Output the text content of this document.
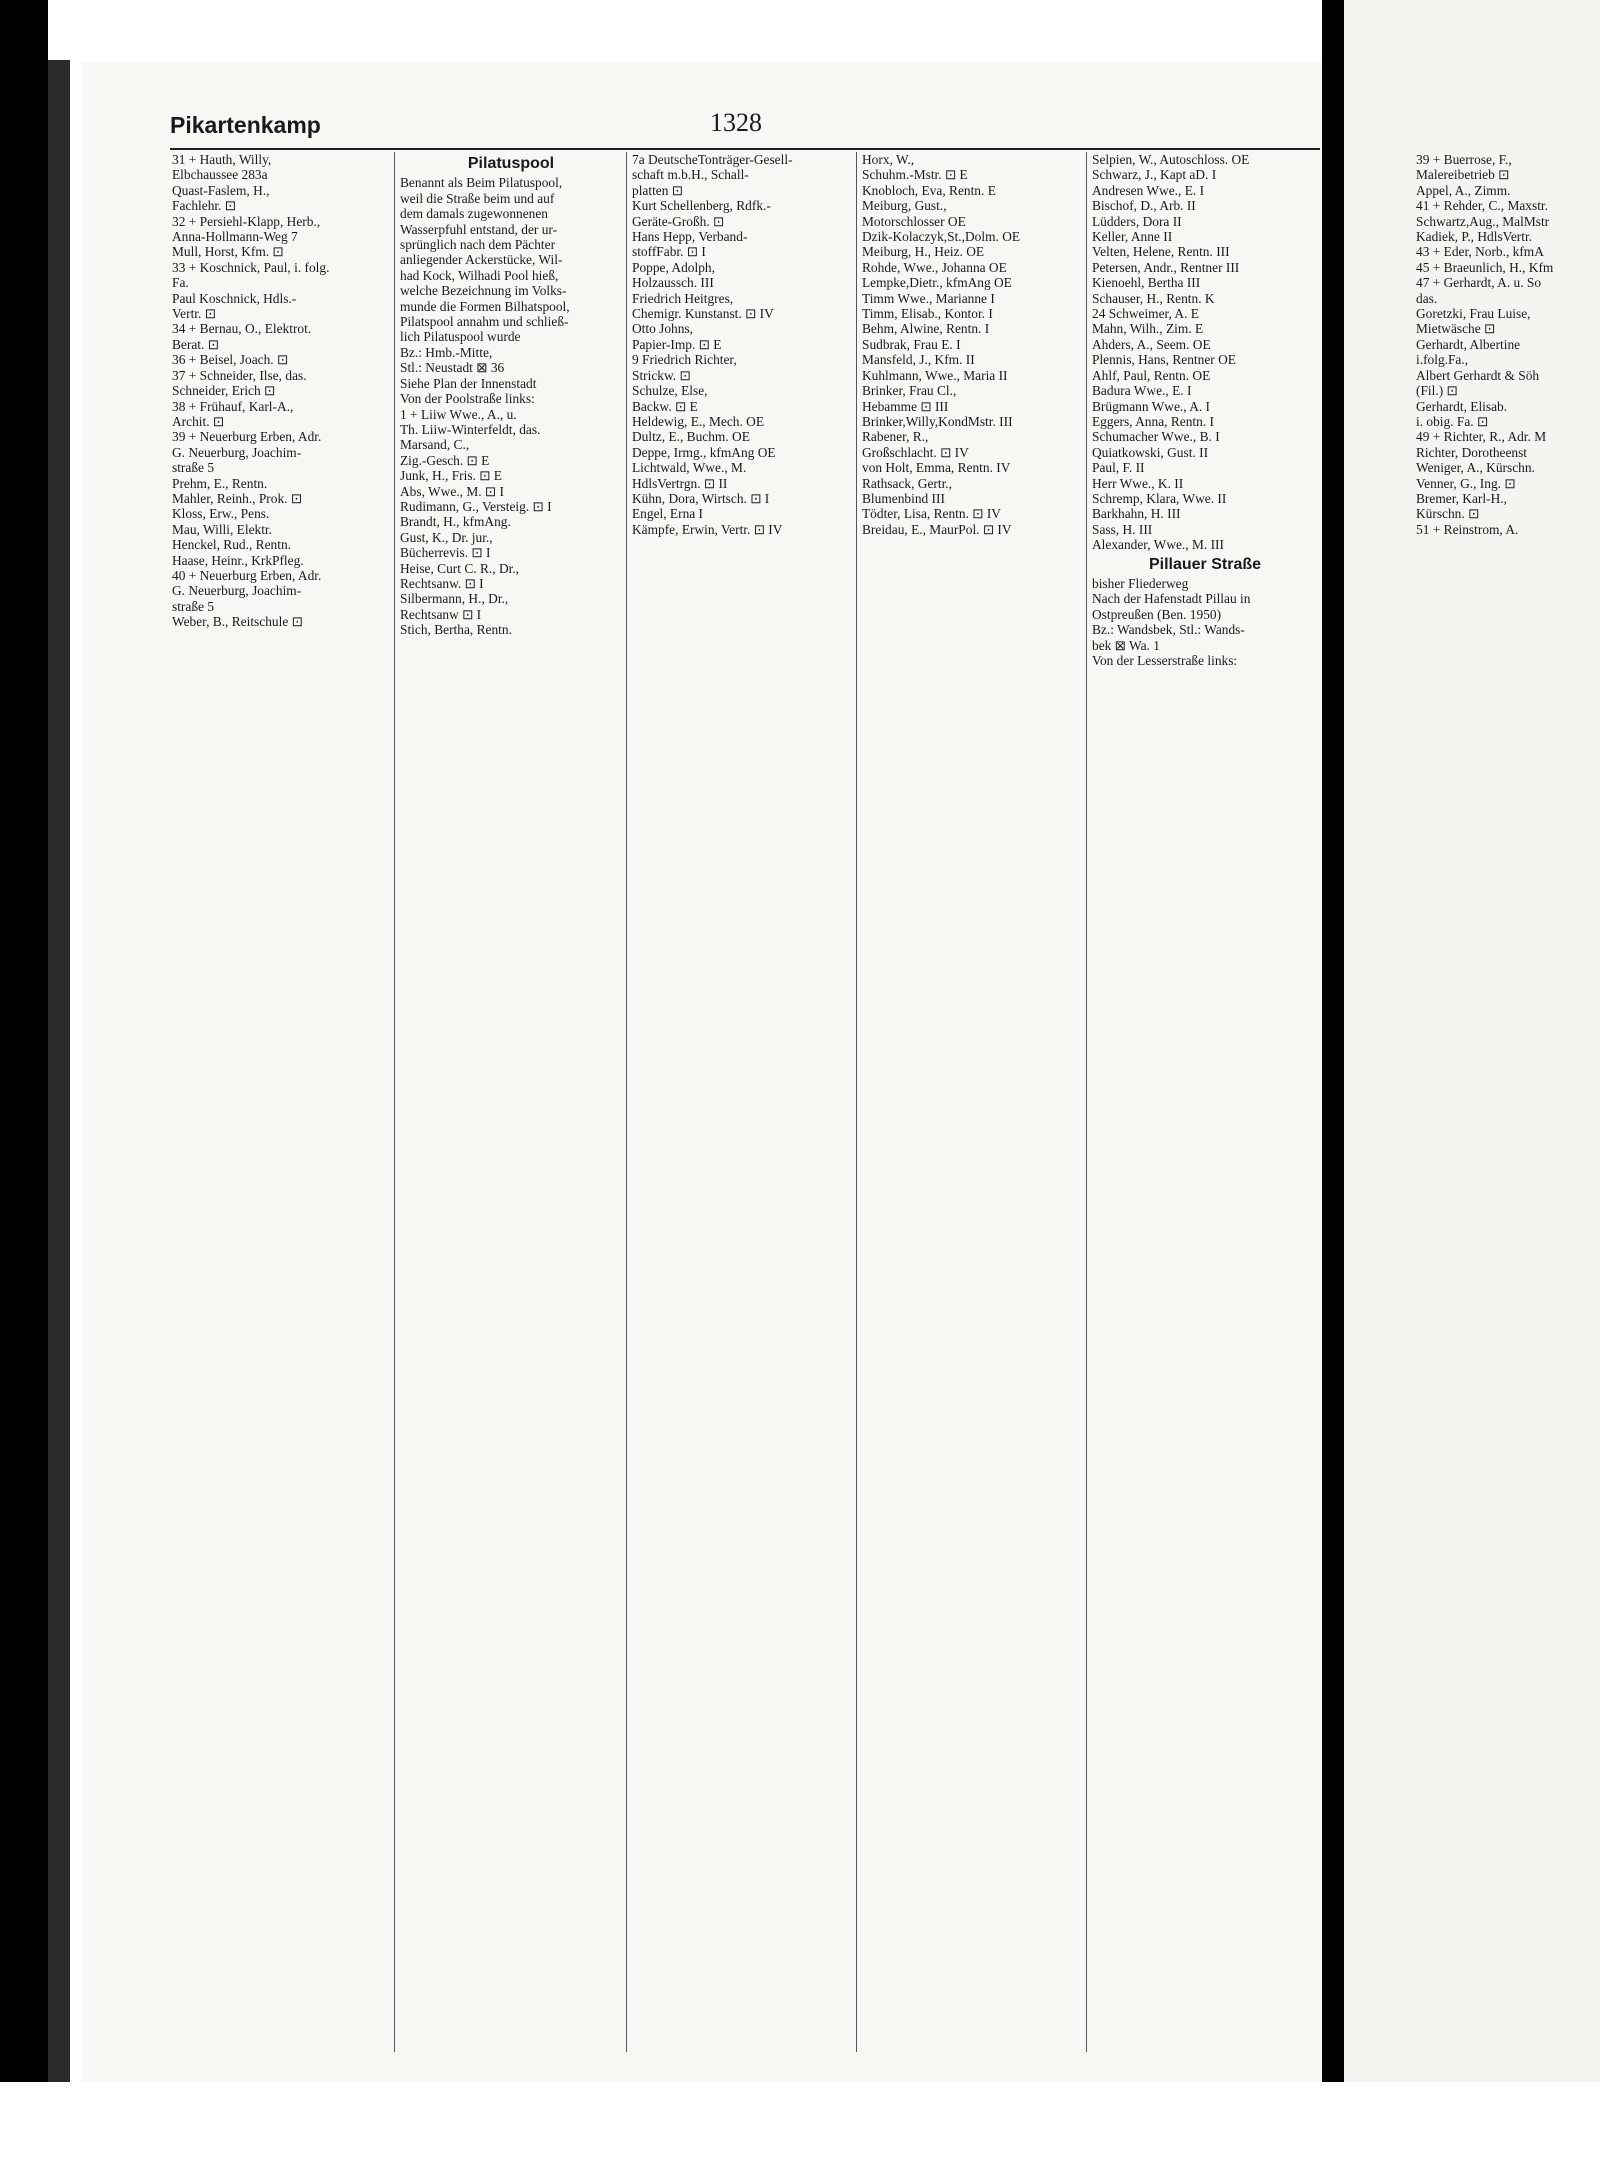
Pikartenkamp	1328
31 + Hauth, Willy,
Elbchaussee 283a
Quast-Faslem, H.,
Fachlehr. ⊡
32 + Persiehl-Klapp, Herb.,
Anna-Hollmann-Weg 7
Mull, Horst, Kfm. ⊡
33 + Koschnick, Paul, i. folg.
Fa.
Paul Koschnick, Hdls.-
Vertr. ⊡
34 + Bernau, O., Elektrot.
Berat. ⊡
36 + Beisel, Joach. ⊡
37 + Schneider, Ilse, das.
Schneider, Erich ⊡
38 + Frühauf, Karl-A.,
Archit. ⊡
39 + Neuerburg Erben, Adr.
G. Neuerburg, Joachim-
straße 5
Prehm, E., Rentn.
Mahler, Reinh., Prok. ⊡
Kloss, Erw., Pens.
Mau, Willi, Elektr.
Henckel, Rud., Rentn.
Haase, Heinr., KrkPfleg.
40 + Neuerburg Erben, Adr.
G. Neuerburg, Joachim-
straße 5
Weber, B., Reitschule ⊡
Pilatuspool
Benannt als Beim Pilatuspool,
weil die Straße beim und auf
dem damals zugewonnenen
Wasserpfuhl entstand, der ur-
sprünglich nach dem Pächter
anliegender Ackerstücke, Wil-
had Kock, Wilhadi Pool hieß,
welche Bezeichnung im Volks-
munde die Formen Bilhatspool,
Pilatspool annahm und schließ-
lich Pilatuspool wurde
Bz.: Hmb.-Mitte,
Stl.: Neustadt ⊠ 36
Siehe Plan der Innenstadt
Von der Poolstraße links:
1 + Liiw Wwe., A., u.
Th. Liiw-Winterfeldt, das.
Marsand, C.,
Zig.-Gesch. ⊡ E
Junk, H., Fris. ⊡ E
Abs, Wwe., M. ⊡ I
Rudimann, G., Versteig. ⊡ I
Brandt, H., kfmAng.
Gust, K., Dr. jur.,
Bücherrevis. ⊡ I
Heise, Curt C. R., Dr.,
Rechtsanw. ⊡ I
Silbermann, H., Dr.,
Rechtsanw ⊡ I
Stich, Bertha, Rentn.
7a DeutscheTonträger-Gesell-
schaft m.b.H., Schall-
platten ⊡
Kurt Schellenberg, Rdfk.-
Geräte-Großh. ⊡
Hans Hepp, Verband-
stoffFabr. ⊡ I
Poppe, Adolph,
Holzaussch. III
Friedrich Heitgres,
Chemigr. Kunstanst. ⊡ IV
Otto Johns,
Papier-Imp. ⊡ E
9 Friedrich Richter,
Strickw. ⊡
Schulze, Else,
Backw. ⊡ E
Heldewig, E., Mech. OE
Dultz, E., Buchm. OE
Deppe, Irmg., kfmAng OE
Lichtwald, Wwe., M.
HdlsVertrgn. ⊡ II
Kühn, Dora, Wirtsch. ⊡ I
Engel, Erna I
Kämpfe, Erwin, Vertr. ⊡ IV
Horx, W.,
Schuhm.-Mstr. ⊡ E
Knobloch, Eva, Rentn. E
Meiburg, Gust.,
Motorschlosser OE
Dzik-Kolaczyk,St.,Dolm. OE
Meiburg, H., Heiz. OE
Rohde, Wwe., Johanna OE
Lempke,Dietr., kfmAng OE
Timm Wwe., Marianne I
Timm, Elisab., Kontor. I
Behm, Alwine, Rentn. I
Sudbrak, Frau E. I
Mansfeld, J., Kfm. II
Kuhlmann, Wwe., Maria II
Brinker, Frau Cl.,
Hebamme ⊡ III
Brinker,Willy,KondMstr. III
Rabener, R.,
Großschlacht. ⊡ IV
von Holt, Emma, Rentn. IV
Rathsack, Gertr.,
Blumenbind III
Tödter, Lisa, Rentn. ⊡ IV
Breidau, E., MaurPol. ⊡ IV
Selpien, W., Autoschloss. OE
Schwarz, J., Kapt aD. I
Andresen Wwe., E. I
Bischof, D., Arb. II
Lüdders, Dora II
Keller, Anne II
Velten, Helene, Rentn. III
Petersen, Andr., Rentner III
Kienoehl, Bertha III
Schauser, H., Rentn. K
24 Schweimer, A. E
Mahn, Wilh., Zim. E
Ahders, A., Seem. OE
Plennis, Hans, Rentner OE
Ahlf, Paul, Rentn. OE
Badura Wwe., E. I
Brügmann Wwe., A. I
Eggers, Anna, Rentn. I
Schumacher Wwe., B. I
Quiatkowski, Gust. II
Paul, F. II
Herr Wwe., K. II
Schremp, Klara, Wwe. II
Barkhahn, H. III
Sass, H. III
Alexander, Wwe., M. III
Pillauer Straße
bisher Fliederweg
Nach der Hafenstadt Pillau in
Ostpreußen (Ben. 1950)
Bz.: Wandsbek, Stl.: Wands-
bek ⊠ Wa. 1
Von der Lesserstraße links:
39 + Buerrose, F.,
Malereibetrieb ⊡
Appel, A., Zimm.
41 + Rehder, C., Maxstr.
Schwartz,Aug., MalMstr
Kadiek, P., HdlsVertr.
43 + Eder, Norb., kfmA
45 + Braeunlich, H., Kfm
47 + Gerhardt, A. u. So
das.
Goretzki, Frau Luise,
Mietwäsche ⊡
Gerhardt, Albertine
i.folg.Fa.,
Albert Gerhardt & Söh
(Fil.) ⊡
Gerhardt, Elisab.
i. obig. Fa. ⊡
49 + Richter, R., Adr. M
Richter, Dorotheenst
Weniger, A., Kürschn.
Venner, G., Ing. ⊡
Bremer, Karl-H.,
Kürschn. ⊡
51 + Reinstrom, A.
